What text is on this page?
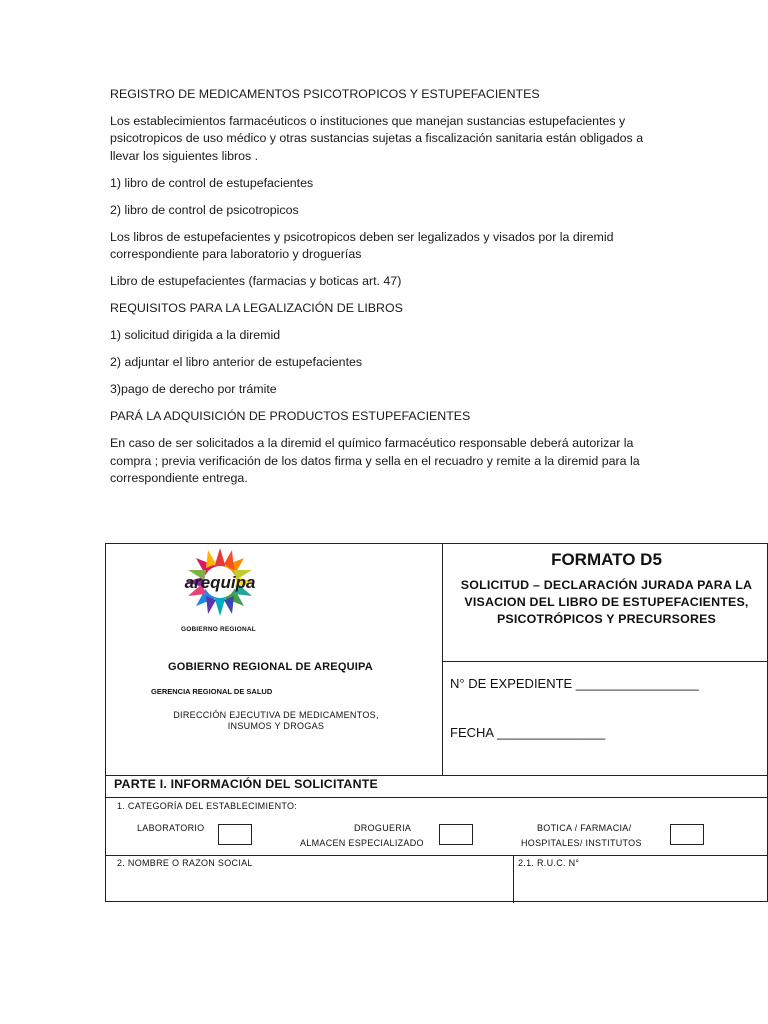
REGISTRO DE MEDICAMENTOS PSICOTROPICOS Y ESTUPEFACIENTES

Los establecimientos farmacéuticos o instituciones que manejan sustancias estupefacientes y psicotropicos de uso médico y otras sustancias sujetas a fiscalización sanitaria están obligados a llevar los siguientes libros .

1) libro de control de estupefacientes

2) libro de control de psicotropicos

Los libros de estupefacientes y psicotropicos deben ser legalizados y visados por la diremid correspondiente para laboratorio y droguerías

Libro de estupefacientes (farmacias y boticas art. 47)

REQUISITOS PARA LA LEGALIZACIÓN DE LIBROS

1) solicitud dirigida a la diremid

2) adjuntar el libro anterior de estupefacientes

3)pago de derecho por trámite

PARÁ LA ADQUISICIÓN DE PRODUCTOS ESTUPEFACIENTES

En caso de ser solicitados a la diremid el químico farmacéutico responsable deberá autorizar la compra ; previa verificación de los datos firma y sella en el recuadro y remite a la diremid para la correspondiente entrega.

arequipa
GOBIERNO REGIONAL
GOBIERNO REGIONAL DE AREQUIPA
GERENCIA REGIONAL DE SALUD
DIRECCIÓN EJECUTIVA DE MEDICAMENTOS,
INSUMOS Y DROGAS
FORMATO D5
SOLICITUD – DECLARACIÓN JURADA PARA LA VISACION DEL LIBRO DE ESTUPEFACIENTES, PSICOTRÓPICOS Y PRECURSORES
N° DE EXPEDIENTE _________________
FECHA _______________
PARTE I. INFORMACIÓN DEL SOLICITANTE
1. CATEGORÍA DEL ESTABLECIMIENTO:
LABORATORIO	DROGUERIA
ALMACEN ESPECIALIZADO
BOTICA / FARMACIA/
HOSPITALES/ INSTITUTOS
2. NOMBRE O RAZON SOCIAL	2.1. R.U.C. N°
